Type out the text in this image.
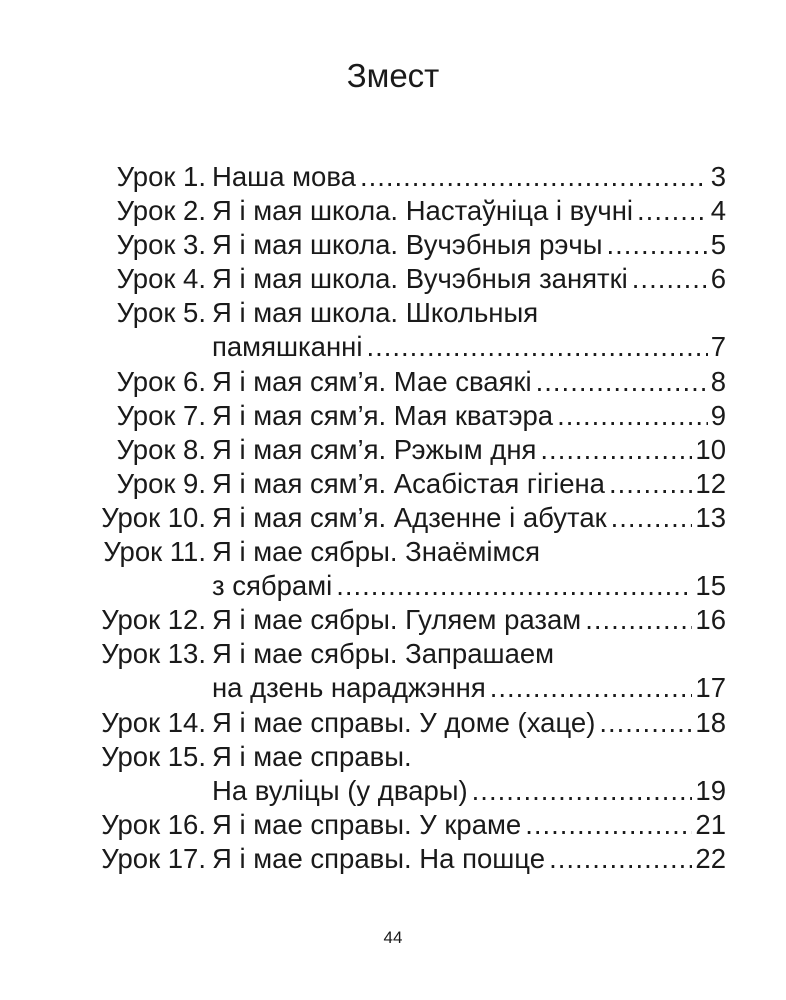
Змест
Урок 1. Наша мова .....	3
Урок 2. Я і мая школа. Настаўніца і вучні .....	4
Урок 3. Я і мая школа. Вучэбныя рэчы .....	5
Урок 4. Я і мая школа. Вучэбныя заняткі .....	6
Урок 5. Я і мая школа. Школьныя
памяшканні .....	7
Урок 6. Я і мая сям’я. Мае сваякі .....	8
Урок 7. Я і мая сям’я. Мая кватэра .....	9
Урок 8. Я і мая сям’я. Рэжым дня .....	10
Урок 9. Я і мая сям’я. Асабістая гігіена .....	12
Урок 10. Я і мая сям’я. Адзенне і абутак .....	13
Урок 11. Я і мае сябры. Знаёмімся
з сябрамі .....	15
Урок 12. Я і мае сябры. Гуляем разам .....	16
Урок 13. Я і мае сябры. Запрашаем
на дзень нараджэння .....	17
Урок 14. Я і мае справы. У доме (хаце) .....	18
Урок 15. Я і мае справы.
На вуліцы (у двары) .....	19
Урок 16. Я і мае справы. У краме .....	21
Урок 17. Я і мае справы. На пошце .....	22
44
